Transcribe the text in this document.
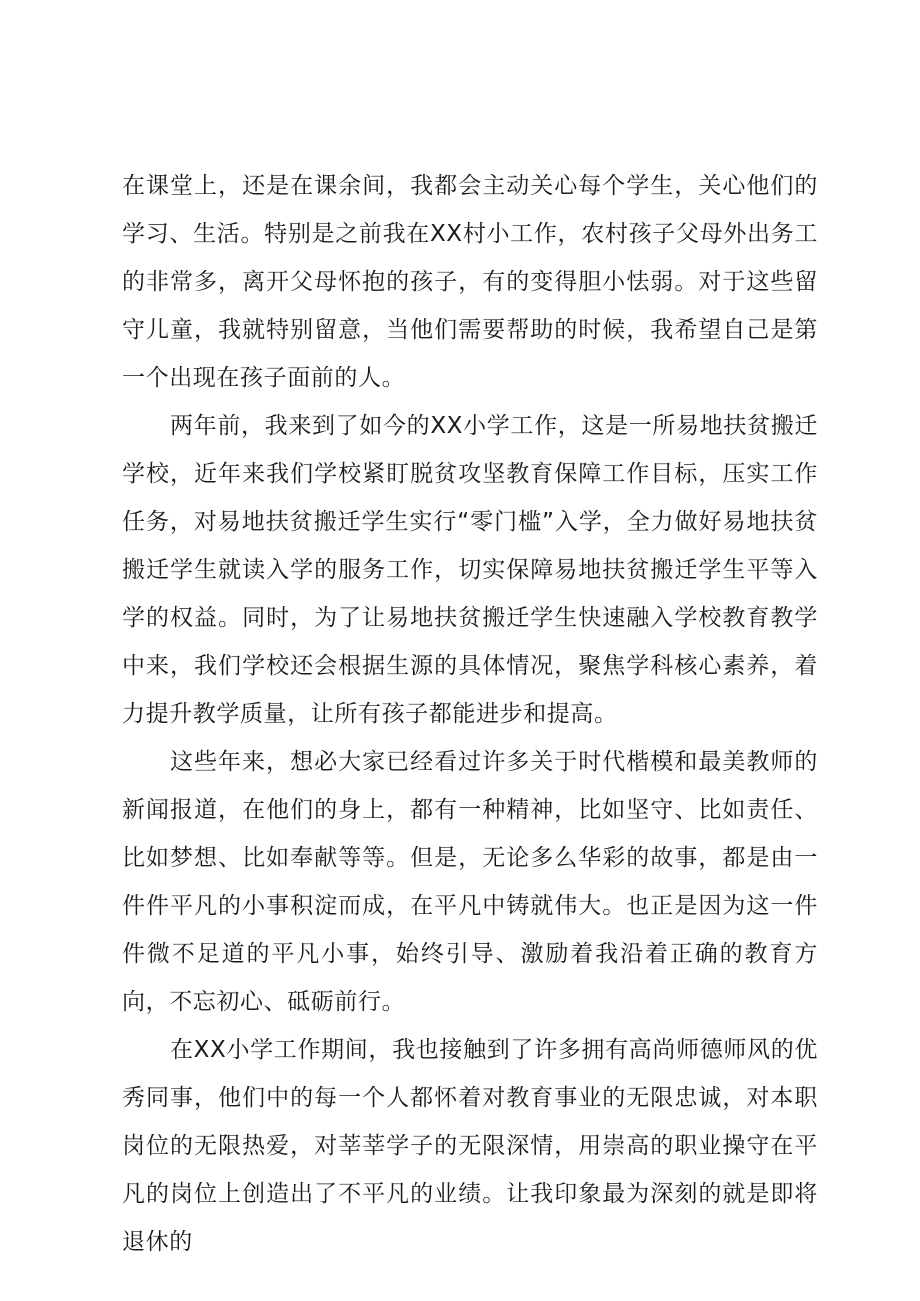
在课堂上，还是在课余间，我都会主动关心每个学生，关心他们的学习、生活。特别是之前我在XX村小工作，农村孩子父母外出务工的非常多，离开父母怀抱的孩子，有的变得胆小怯弱。对于这些留守儿童，我就特别留意，当他们需要帮助的时候，我希望自己是第一个出现在孩子面前的人。

两年前，我来到了如今的XX小学工作，这是一所易地扶贫搬迁学校，近年来我们学校紧盯脱贫攻坚教育保障工作目标，压实工作任务，对易地扶贫搬迁学生实行“零门槛”入学，全力做好易地扶贫搬迁学生就读入学的服务工作，切实保障易地扶贫搬迁学生平等入学的权益。同时，为了让易地扶贫搬迁学生快速融入学校教育教学中来，我们学校还会根据生源的具体情况，聚焦学科核心素养，着力提升教学质量，让所有孩子都能进步和提高。

这些年来，想必大家已经看过许多关于时代楷模和最美教师的新闻报道，在他们的身上，都有一种精神，比如坚守、比如责任、比如梦想、比如奉献等等。但是，无论多么华彩的故事，都是由一件件平凡的小事积淀而成，在平凡中铸就伟大。也正是因为这一件件微不足道的平凡小事，始终引导、激励着我沿着正确的教育方向，不忘初心、砥砺前行。

在XX小学工作期间，我也接触到了许多拥有高尚师德师风的优秀同事，他们中的每一个人都怀着对教育事业的无限忠诚，对本职岗位的无限热爱，对莘莘学子的无限深情，用崇高的职业操守在平凡的岗位上创造出了不平凡的业绩。让我印象最为深刻的就是即将退休的
